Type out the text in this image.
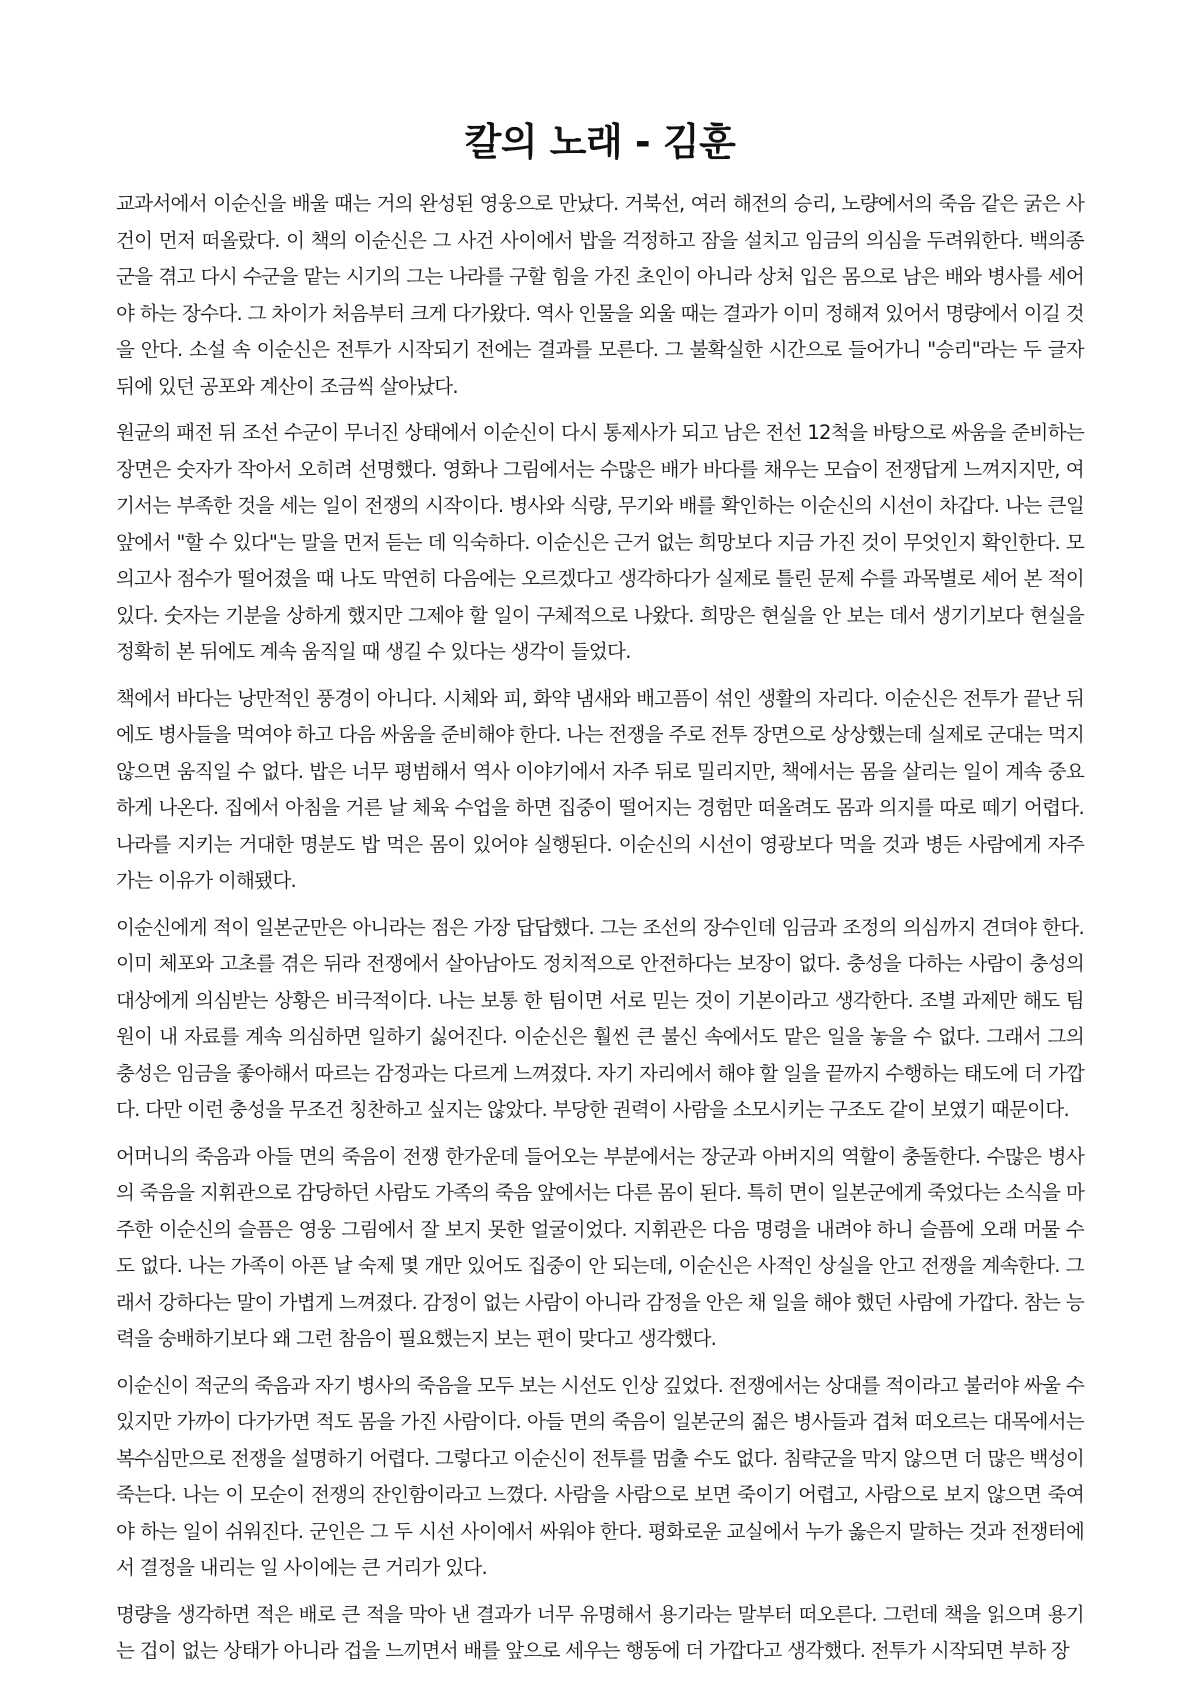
칼의 노래 - 김훈

교과서에서 이순신을 배울 때는 거의 완성된 영웅으로 만났다. 거북선, 여러 해전의 승리, 노량에서의 죽음 같은 굵은 사건이 먼저 떠올랐다. 이 책의 이순신은 그 사건 사이에서 밥을 걱정하고 잠을 설치고 임금의 의심을 두려워한다. 백의종군을 겪고 다시 수군을 맡는 시기의 그는 나라를 구할 힘을 가진 초인이 아니라 상처 입은 몸으로 남은 배와 병사를 세어야 하는 장수다. 그 차이가 처음부터 크게 다가왔다. 역사 인물을 외울 때는 결과가 이미 정해져 있어서 명량에서 이길 것을 안다. 소설 속 이순신은 전투가 시작되기 전에는 결과를 모른다. 그 불확실한 시간으로 들어가니 "승리"라는 두 글자 뒤에 있던 공포와 계산이 조금씩 살아났다.

원균의 패전 뒤 조선 수군이 무너진 상태에서 이순신이 다시 통제사가 되고 남은 전선 12척을 바탕으로 싸움을 준비하는 장면은 숫자가 작아서 오히려 선명했다. 영화나 그림에서는 수많은 배가 바다를 채우는 모습이 전쟁답게 느껴지지만, 여기서는 부족한 것을 세는 일이 전쟁의 시작이다. 병사와 식량, 무기와 배를 확인하는 이순신의 시선이 차갑다. 나는 큰일 앞에서 "할 수 있다"는 말을 먼저 듣는 데 익숙하다. 이순신은 근거 없는 희망보다 지금 가진 것이 무엇인지 확인한다. 모의고사 점수가 떨어졌을 때 나도 막연히 다음에는 오르겠다고 생각하다가 실제로 틀린 문제 수를 과목별로 세어 본 적이 있다. 숫자는 기분을 상하게 했지만 그제야 할 일이 구체적으로 나왔다. 희망은 현실을 안 보는 데서 생기기보다 현실을 정확히 본 뒤에도 계속 움직일 때 생길 수 있다는 생각이 들었다.

책에서 바다는 낭만적인 풍경이 아니다. 시체와 피, 화약 냄새와 배고픔이 섞인 생활의 자리다. 이순신은 전투가 끝난 뒤에도 병사들을 먹여야 하고 다음 싸움을 준비해야 한다. 나는 전쟁을 주로 전투 장면으로 상상했는데 실제로 군대는 먹지 않으면 움직일 수 없다. 밥은 너무 평범해서 역사 이야기에서 자주 뒤로 밀리지만, 책에서는 몸을 살리는 일이 계속 중요하게 나온다. 집에서 아침을 거른 날 체육 수업을 하면 집중이 떨어지는 경험만 떠올려도 몸과 의지를 따로 떼기 어렵다. 나라를 지키는 거대한 명분도 밥 먹은 몸이 있어야 실행된다. 이순신의 시선이 영광보다 먹을 것과 병든 사람에게 자주 가는 이유가 이해됐다.

이순신에게 적이 일본군만은 아니라는 점은 가장 답답했다. 그는 조선의 장수인데 임금과 조정의 의심까지 견뎌야 한다. 이미 체포와 고초를 겪은 뒤라 전쟁에서 살아남아도 정치적으로 안전하다는 보장이 없다. 충성을 다하는 사람이 충성의 대상에게 의심받는 상황은 비극적이다. 나는 보통 한 팀이면 서로 믿는 것이 기본이라고 생각한다. 조별 과제만 해도 팀원이 내 자료를 계속 의심하면 일하기 싫어진다. 이순신은 훨씬 큰 불신 속에서도 맡은 일을 놓을 수 없다. 그래서 그의 충성은 임금을 좋아해서 따르는 감정과는 다르게 느껴졌다. 자기 자리에서 해야 할 일을 끝까지 수행하는 태도에 더 가깝다. 다만 이런 충성을 무조건 칭찬하고 싶지는 않았다. 부당한 권력이 사람을 소모시키는 구조도 같이 보였기 때문이다.

어머니의 죽음과 아들 면의 죽음이 전쟁 한가운데 들어오는 부분에서는 장군과 아버지의 역할이 충돌한다. 수많은 병사의 죽음을 지휘관으로 감당하던 사람도 가족의 죽음 앞에서는 다른 몸이 된다. 특히 면이 일본군에게 죽었다는 소식을 마주한 이순신의 슬픔은 영웅 그림에서 잘 보지 못한 얼굴이었다. 지휘관은 다음 명령을 내려야 하니 슬픔에 오래 머물 수도 없다. 나는 가족이 아픈 날 숙제 몇 개만 있어도 집중이 안 되는데, 이순신은 사적인 상실을 안고 전쟁을 계속한다. 그래서 강하다는 말이 가볍게 느껴졌다. 감정이 없는 사람이 아니라 감정을 안은 채 일을 해야 했던 사람에 가깝다. 참는 능력을 숭배하기보다 왜 그런 참음이 필요했는지 보는 편이 맞다고 생각했다.

이순신이 적군의 죽음과 자기 병사의 죽음을 모두 보는 시선도 인상 깊었다. 전쟁에서는 상대를 적이라고 불러야 싸울 수 있지만 가까이 다가가면 적도 몸을 가진 사람이다. 아들 면의 죽음이 일본군의 젊은 병사들과 겹쳐 떠오르는 대목에서는 복수심만으로 전쟁을 설명하기 어렵다. 그렇다고 이순신이 전투를 멈출 수도 없다. 침략군을 막지 않으면 더 많은 백성이 죽는다. 나는 이 모순이 전쟁의 잔인함이라고 느꼈다. 사람을 사람으로 보면 죽이기 어렵고, 사람으로 보지 않으면 죽여야 하는 일이 쉬워진다. 군인은 그 두 시선 사이에서 싸워야 한다. 평화로운 교실에서 누가 옳은지 말하는 것과 전쟁터에서 결정을 내리는 일 사이에는 큰 거리가 있다.

명량을 생각하면 적은 배로 큰 적을 막아 낸 결과가 너무 유명해서 용기라는 말부터 떠오른다. 그런데 책을 읽으며 용기는 겁이 없는 상태가 아니라 겁을 느끼면서 배를 앞으로 세우는 행동에 더 가깝다고 생각했다. 전투가 시작되면 부하 장
